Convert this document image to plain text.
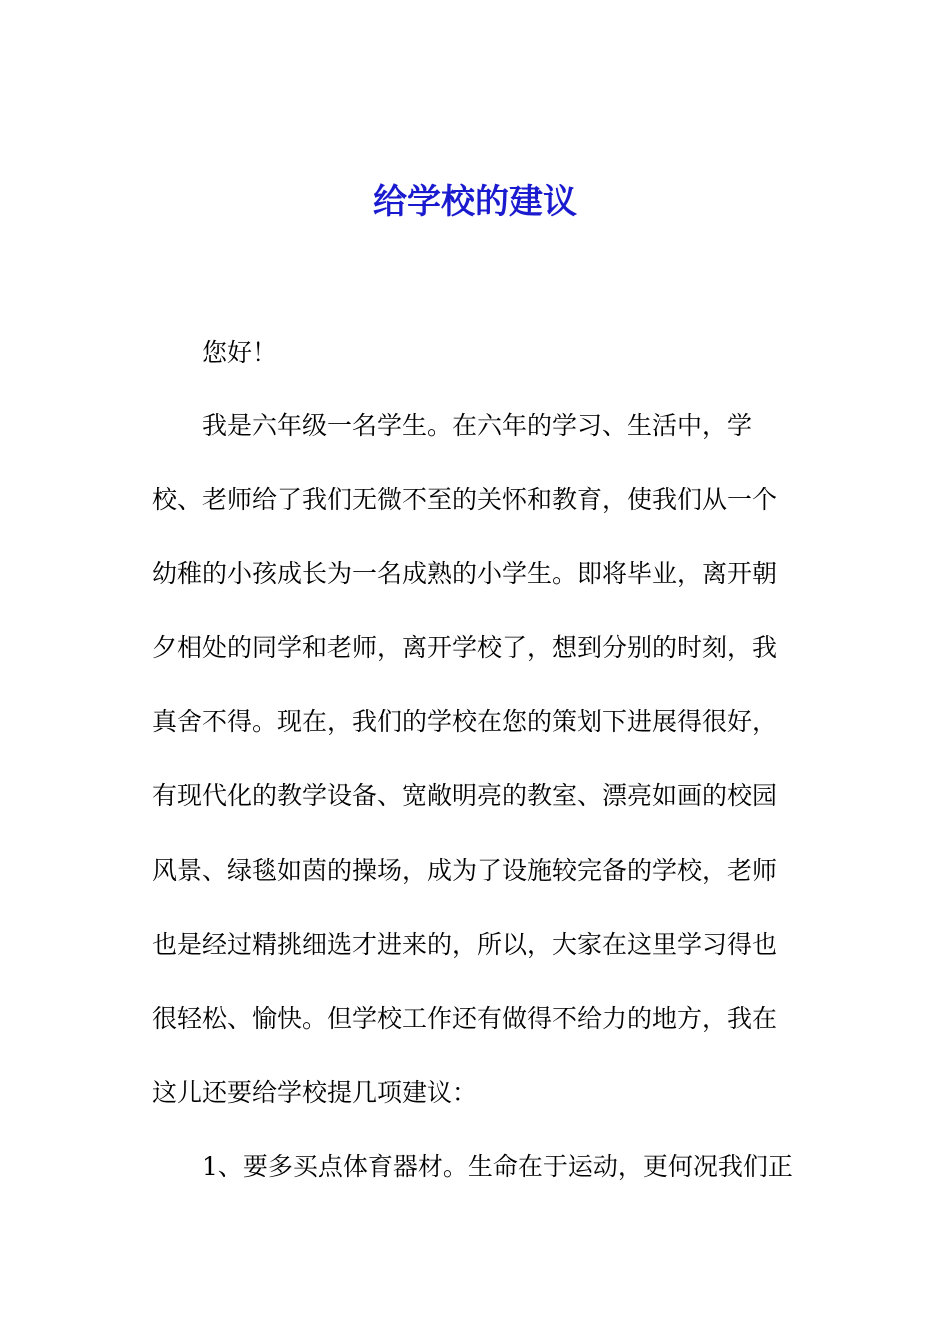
给学校的建议
您好！
我是六年级一名学生。在六年的学习、生活中，学
校、老师给了我们无微不至的关怀和教育，使我们从一个
幼稚的小孩成长为一名成熟的小学生。即将毕业，离开朝
夕相处的同学和老师，离开学校了，想到分别的时刻，我
真舍不得。现在，我们的学校在您的策划下进展得很好，
有现代化的教学设备、宽敞明亮的教室、漂亮如画的校园
风景、绿毯如茵的操场，成为了设施较完备的学校，老师
也是经过精挑细选才进来的，所以，大家在这里学习得也
很轻松、愉快。但学校工作还有做得不给力的地方，我在
这儿还要给学校提几项建议：
1、要多买点体育器材。生命在于运动，更何况我们正
